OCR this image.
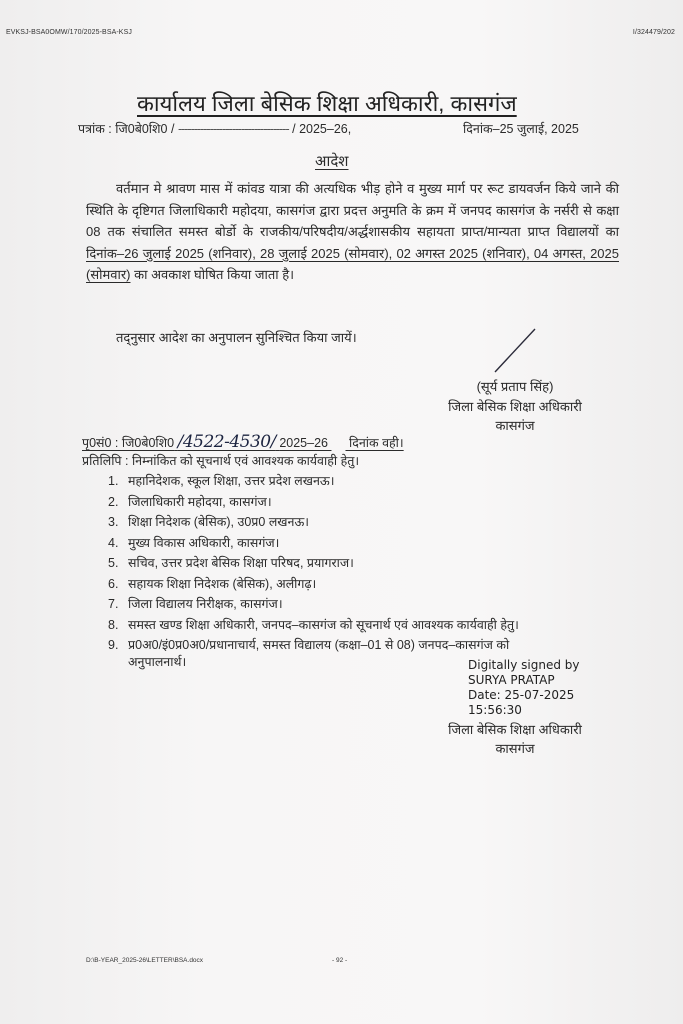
EVKSJ-BSA0OMW/170/2025-BSA-KSJ	I/324479/202
कार्यालय जिला बेसिक शिक्षा अधिकारी, कासगंज
पत्रांक : जि0बे0शि0 / ----------------------------------- / 2025–26,	दिनांक–25 जुलाई, 2025
आदेश
वर्तमान मे श्रावण मास में कांवड यात्रा की अत्यधिक भीड़ होने व मुख्य मार्ग पर रूट डायवर्जन किये जाने की स्थिति के दृष्टिगत जिलाधिकारी महोदया, कासगंज द्वारा प्रदत्त अनुमति के क्रम में जनपद कासगंज के नर्सरी से कक्षा 08 तक संचालित समस्त बोर्डो के राजकीय/परिषदीय/अर्द्धशासकीय सहायता प्राप्त/मान्यता प्राप्त विद्यालयों का दिनांक–26 जुलाई 2025 (शनिवार), 28 जुलाई 2025 (सोमवार), 02 अगस्त 2025 (शनिवार), 04 अगस्त, 2025 (सोमवार) का अवकाश घोषित किया जाता है।
तद्नुसार आदेश का अनुपालन सुनिश्चित किया जायें।
(सूर्य प्रताप सिंह)
जिला बेसिक शिक्षा अधिकारी
कासगंज
पृ0सं0 : जि0बे0शि0 /4522-4530/ 2025–26 दिनांक वही।
प्रतिलिपि : निम्नांकित को सूचनार्थ एवं आवश्यक कार्यवाही हेतु।
1. महानिदेशक, स्कूल शिक्षा, उत्तर प्रदेश लखनऊ।
2. जिलाधिकारी महोदया, कासगंज।
3. शिक्षा निदेशक (बेसिक), उ0प्र0 लखनऊ।
4. मुख्य विकास अधिकारी, कासगंज।
5. सचिव, उत्तर प्रदेश बेसिक शिक्षा परिषद, प्रयागराज।
6. सहायक शिक्षा निदेशक (बेसिक), अलीगढ़।
7. जिला विद्यालय निरीक्षक, कासगंज।
8. समस्त खण्ड शिक्षा अधिकारी, जनपद–कासगंज को सूचनार्थ एवं आवश्यक कार्यवाही हेतु।
9. प्र0अ0/इं0प्र0अ0/प्रधानाचार्य, समस्त विद्यालय (कक्षा–01 से 08) जनपद–कासगंज को
अनुपालनार्थ।	Digitally signed by
SURYA PRATAP
Date: 25-07-2025
15:56:30
जिला बेसिक शिक्षा अधिकारी
कासगंज
D:\B-YEAR_2025-26\LETTER\BSA.docx	- 92 -
